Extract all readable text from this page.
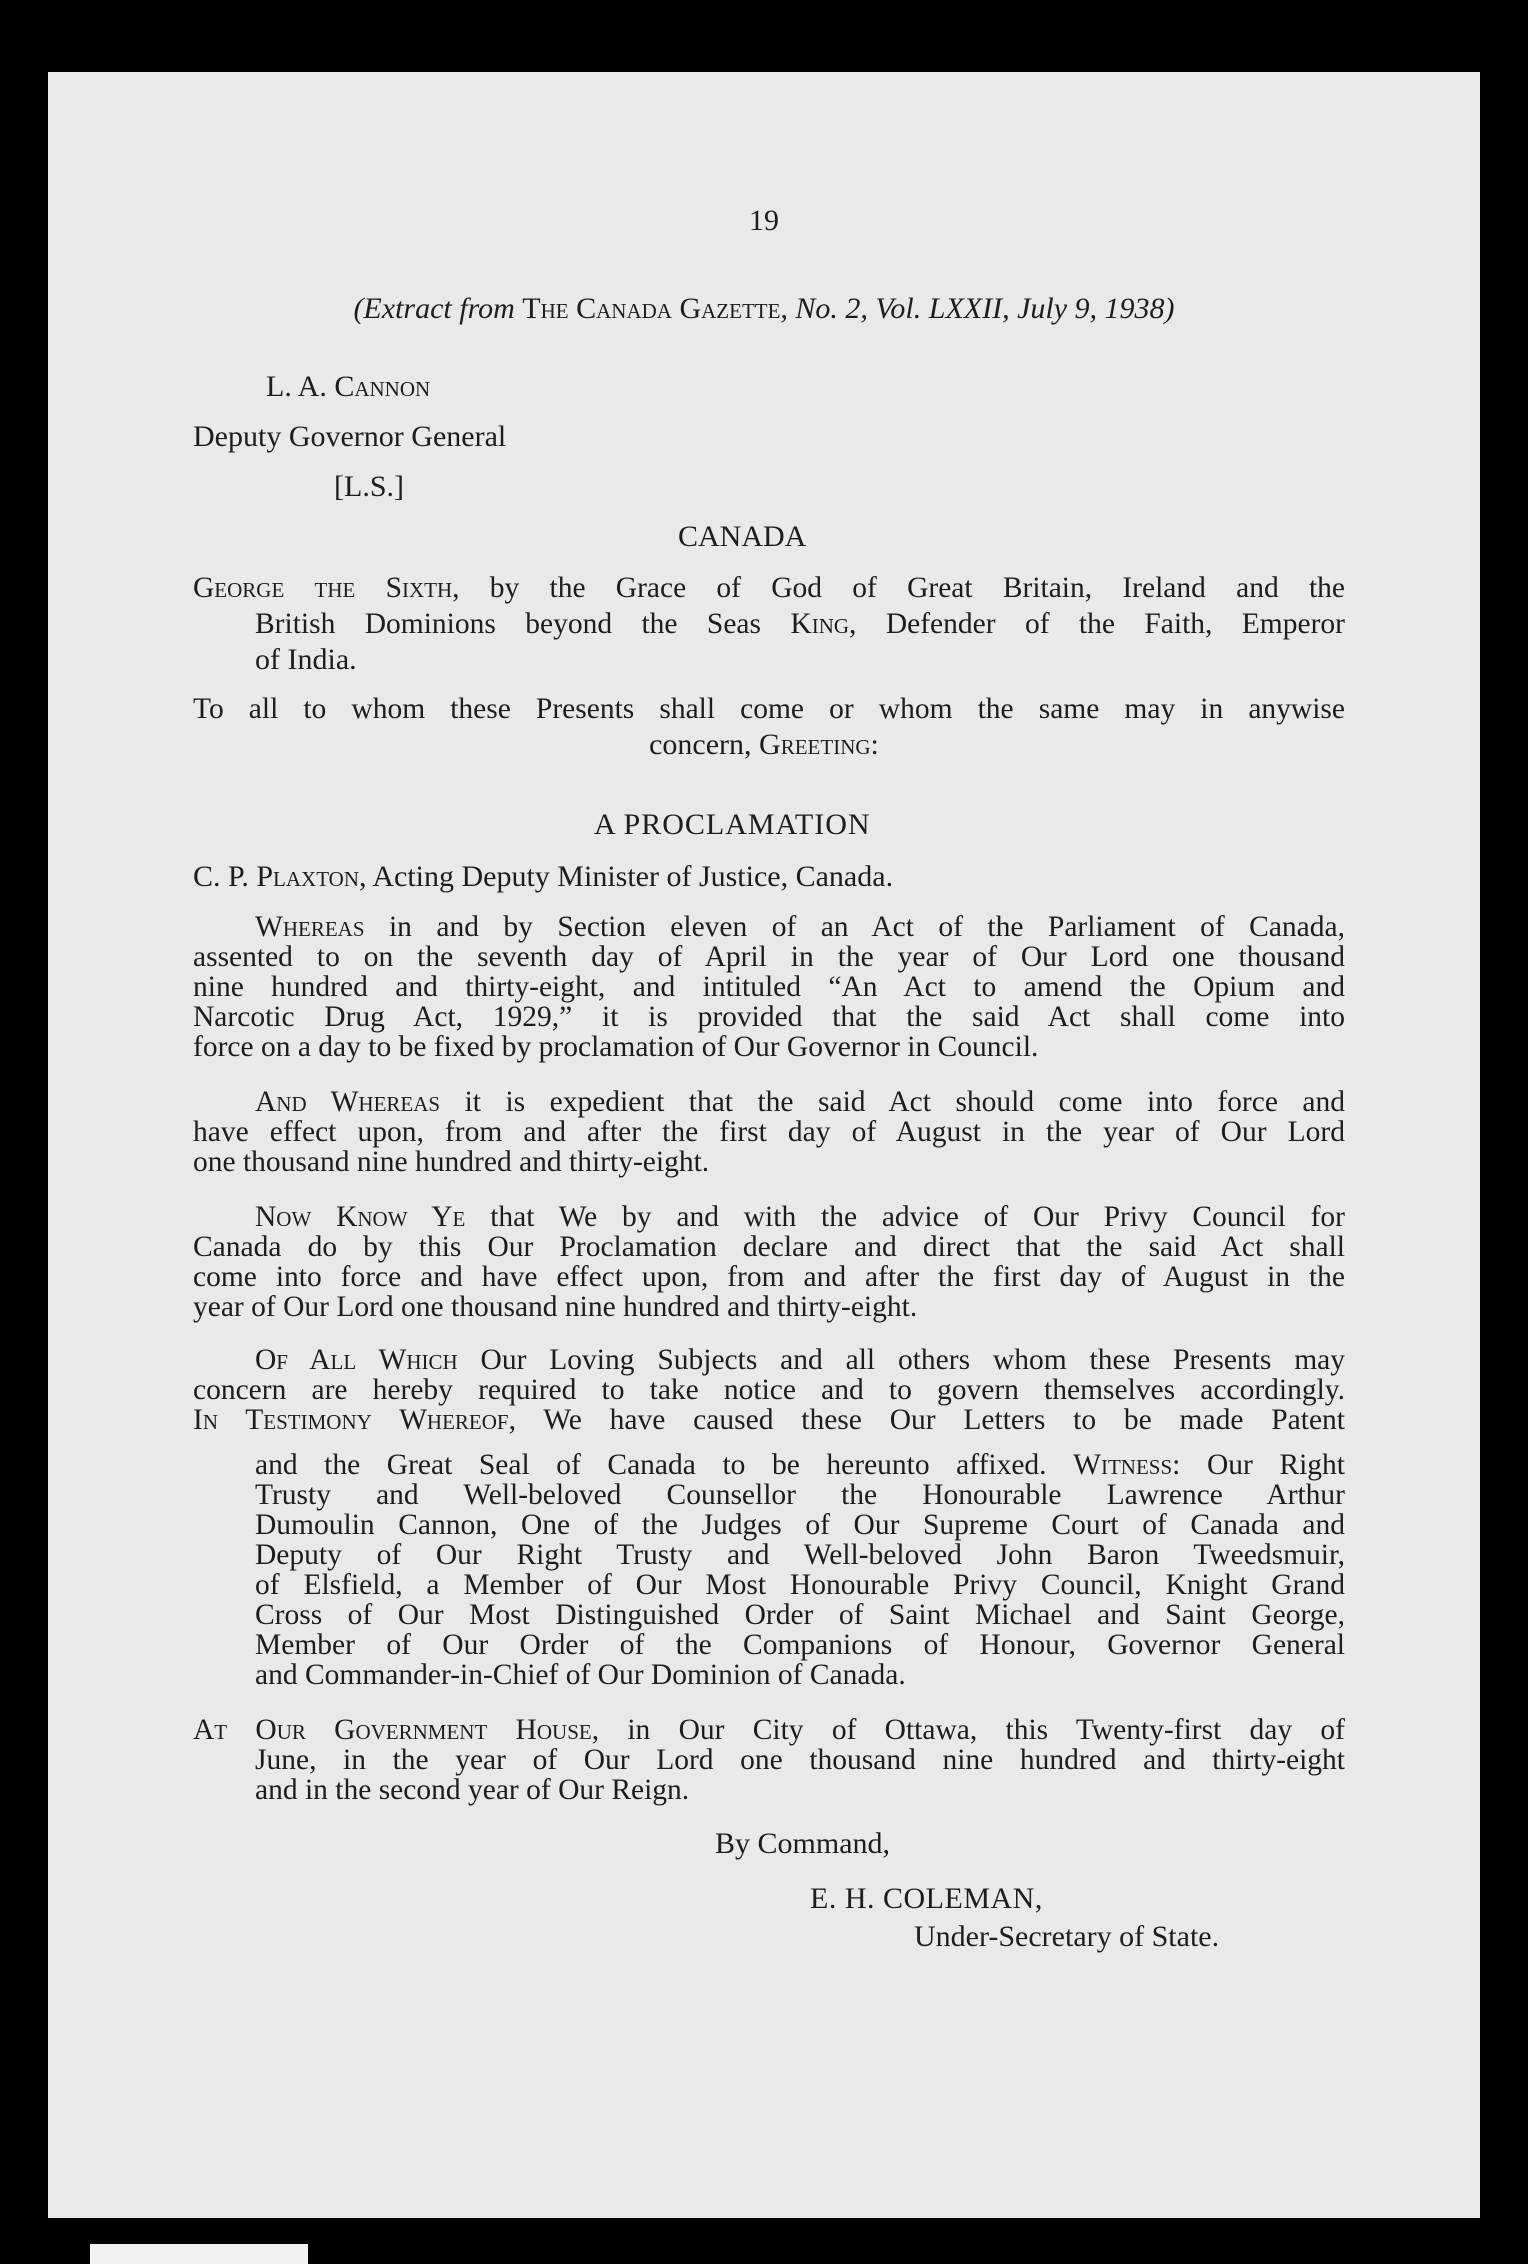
19
(Extract from The Canada Gazette, No. 2, Vol. LXXII, July 9, 1938)
L. A. Cannon
Deputy Governor General
[L.S.]
CANADA
George the Sixth, by the Grace of God of Great Britain, Ireland and the
British Dominions beyond the Seas King, Defender of the Faith, Emperor
of India.
To all to whom these Presents shall come or whom the same may in anywise
concern, Greeting:
A PROCLAMATION
C. P. Plaxton, Acting Deputy Minister of Justice, Canada.
Whereas in and by Section eleven of an Act of the Parliament of Canada,
assented to on the seventh day of April in the year of Our Lord one thousand
nine hundred and thirty-eight, and intituled “An Act to amend the Opium and
Narcotic Drug Act, 1929,” it is provided that the said Act shall come into
force on a day to be fixed by proclamation of Our Governor in Council.
And Whereas it is expedient that the said Act should come into force and
have effect upon, from and after the first day of August in the year of Our Lord
one thousand nine hundred and thirty-eight.
Now Know Ye that We by and with the advice of Our Privy Council for
Canada do by this Our Proclamation declare and direct that the said Act shall
come into force and have effect upon, from and after the first day of August in the
year of Our Lord one thousand nine hundred and thirty-eight.
Of All Which Our Loving Subjects and all others whom these Presents may
concern are hereby required to take notice and to govern themselves accordingly.
In Testimony Whereof, We have caused these Our Letters to be made Patent
and the Great Seal of Canada to be hereunto affixed. Witness: Our Right
Trusty and Well-beloved Counsellor the Honourable Lawrence Arthur
Dumoulin Cannon, One of the Judges of Our Supreme Court of Canada and
Deputy of Our Right Trusty and Well-beloved John Baron Tweedsmuir,
of Elsfield, a Member of Our Most Honourable Privy Council, Knight Grand
Cross of Our Most Distinguished Order of Saint Michael and Saint George,
Member of Our Order of the Companions of Honour, Governor General
and Commander-in-Chief of Our Dominion of Canada.
At Our Government House, in Our City of Ottawa, this Twenty-first day of
June, in the year of Our Lord one thousand nine hundred and thirty-eight
and in the second year of Our Reign.
By Command,
E. H. COLEMAN,
Under-Secretary of State.
